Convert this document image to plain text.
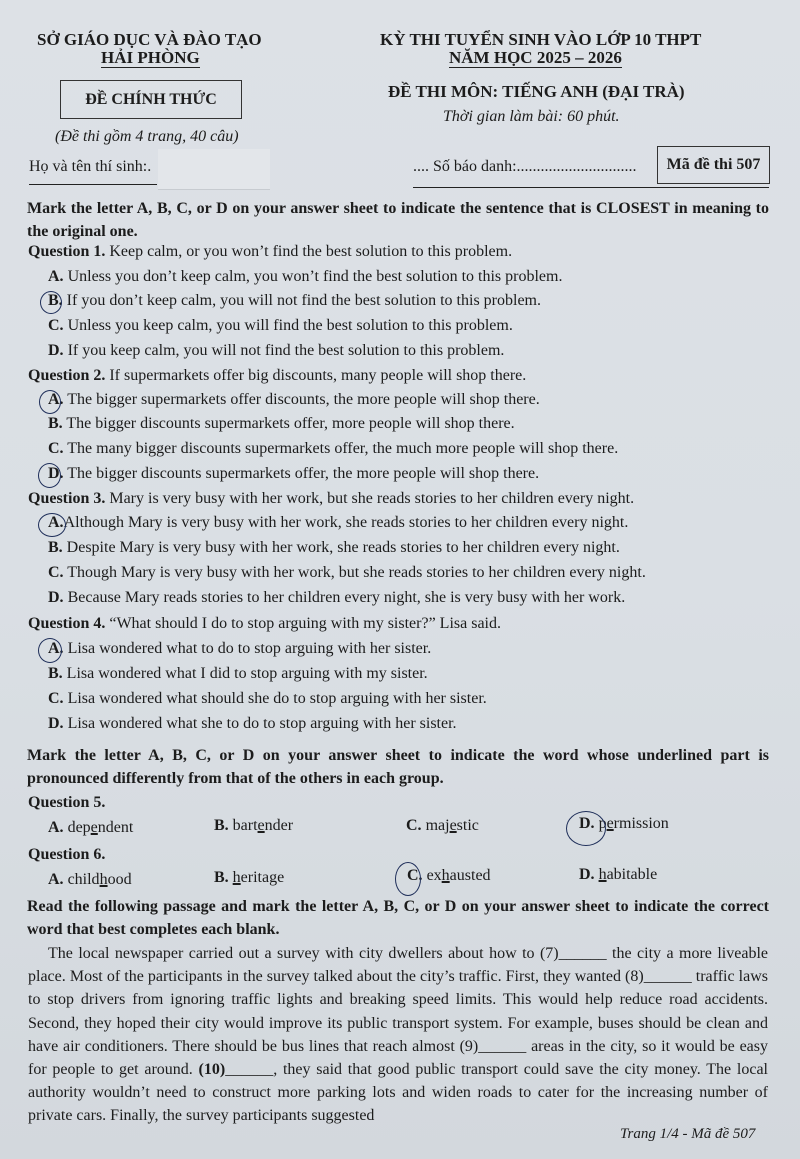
SỞ GIÁO DỤC VÀ ĐÀO TẠO
HẢI PHÒNG
ĐỀ CHÍNH THỨC
(Đề thi gồm 4 trang, 40 câu)
KỲ THI TUYỂN SINH VÀO LỚP 10 THPT
NĂM HỌC 2025 – 2026
ĐỀ THI MÔN: TIẾNG ANH (ĐẠI TRÀ)
Thời gian làm bài: 60 phút.
Họ và tên thí sinh:.	.... Số báo danh:..............................	Mã đề thi 507
Mark the letter A, B, C, or D on your answer sheet to indicate the sentence that is CLOSEST in meaning to the original one.
Question 1. Keep calm, or you won’t find the best solution to this problem.
A. Unless you don’t keep calm, you won’t find the best solution to this problem.
B. If you don’t keep calm, you will not find the best solution to this problem.
C. Unless you keep calm, you will find the best solution to this problem.
D. If you keep calm, you will not find the best solution to this problem.
Question 2. If supermarkets offer big discounts, many people will shop there.
A. The bigger supermarkets offer discounts, the more people will shop there.
B. The bigger discounts supermarkets offer, more people will shop there.
C. The many bigger discounts supermarkets offer, the much more people will shop there.
D. The bigger discounts supermarkets offer, the more people will shop there.
Question 3. Mary is very busy with her work, but she reads stories to her children every night.
A.Although Mary is very busy with her work, she reads stories to her children every night.
B. Despite Mary is very busy with her work, she reads stories to her children every night.
C. Though Mary is very busy with her work, but she reads stories to her children every night.
D. Because Mary reads stories to her children every night, she is very busy with her work.
Question 4. “What should I do to stop arguing with my sister?” Lisa said.
A. Lisa wondered what to do to stop arguing with her sister.
B. Lisa wondered what I did to stop arguing with my sister.
C. Lisa wondered what should she do to stop arguing with her sister.
D. Lisa wondered what she to do to stop arguing with her sister.
Mark the letter A, B, C, or D on your answer sheet to indicate the word whose underlined part is pronounced differently from that of the others in each group.
Question 5.
A. dependent	B. bartender	C. majestic	D. permission
Question 6.
A. childhood	B. heritage	C. exhausted	D. habitable
Read the following passage and mark the letter A, B, C, or D on your answer sheet to indicate the correct word that best completes each blank.
The local newspaper carried out a survey with city dwellers about how to (7)______ the city a more liveable place. Most of the participants in the survey talked about the city’s traffic. First, they wanted (8)______ traffic laws to stop drivers from ignoring traffic lights and breaking speed limits. This would help reduce road accidents. Second, they hoped their city would improve its public transport system. For example, buses should be clean and have air conditioners. There should be bus lines that reach almost (9)______ areas in the city, so it would be easy for people to get around. (10)______, they said that good public transport could save the city money. The local authority wouldn’t need to construct more parking lots and widen roads to cater for the increasing number of private cars. Finally, the survey participants suggested
Trang 1/4 - Mã đề 507
